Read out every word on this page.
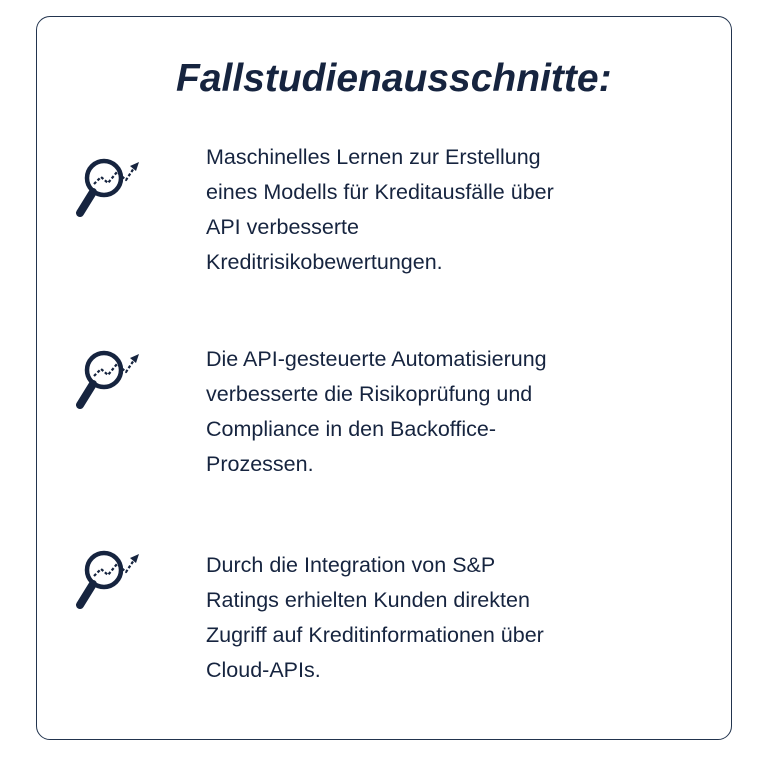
Fallstudienausschnitte:

Maschinelles Lernen zur Erstellung
eines Modells für Kreditausfälle über
API verbesserte
Kreditrisikobewertungen.

Die API-gesteuerte Automatisierung
verbesserte die Risikoprüfung und
Compliance in den Backoffice-
Prozessen.

Durch die Integration von S&P
Ratings erhielten Kunden direkten
Zugriff auf Kreditinformationen über
Cloud-APIs.
